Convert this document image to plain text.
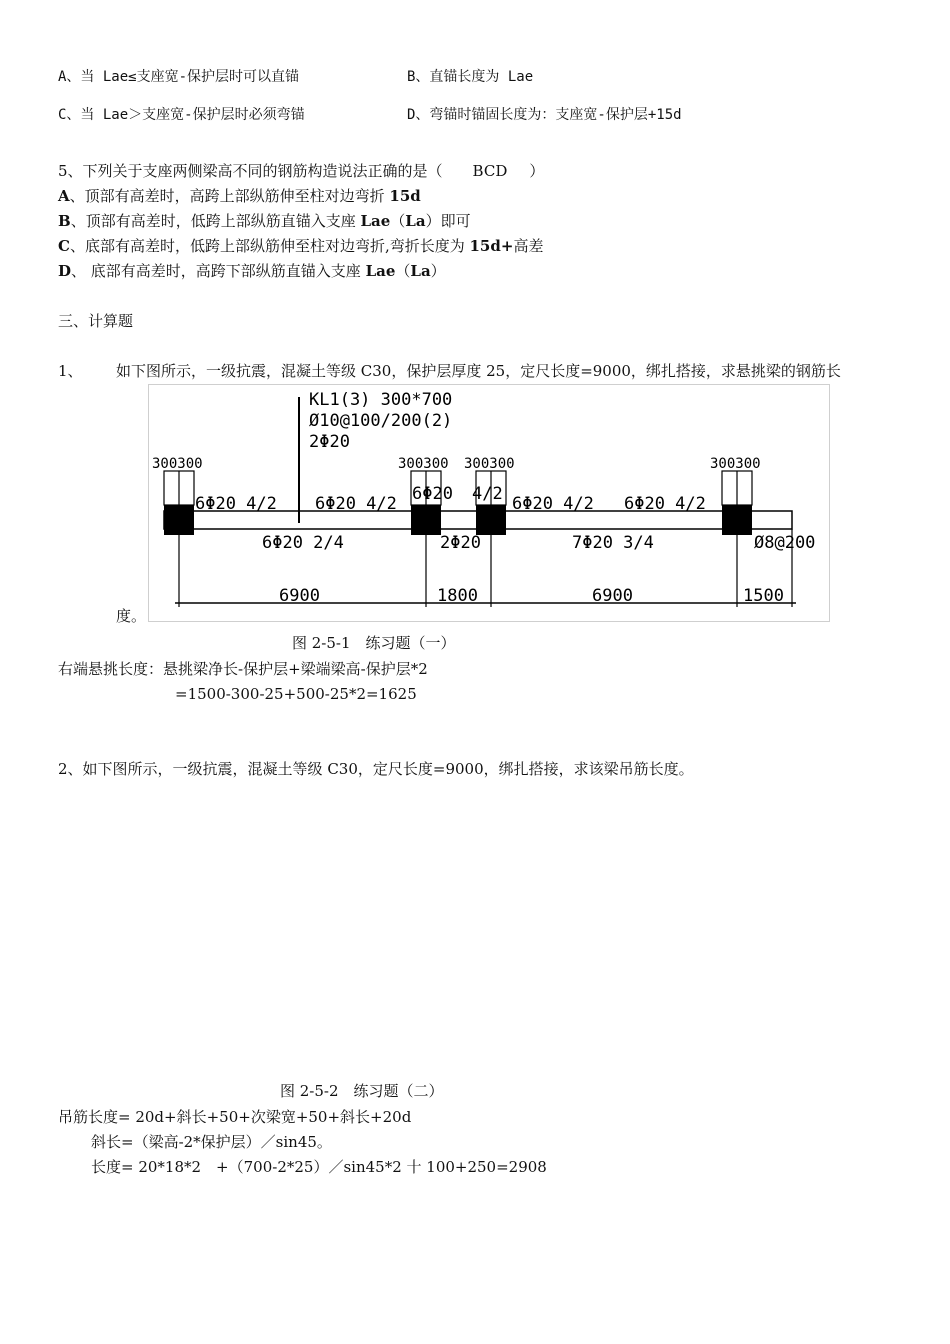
A、当 Lae≤支座宽-保护层时可以直锚	B、直锚长度为 Lae
C、当 Lae＞支座宽-保护层时必须弯锚	D、弯锚时锚固长度为：支座宽-保护层+15d
5、下列关于支座两侧梁高不同的钢筋构造说法正确的是（ BCD ）
A、顶部有高差时，高跨上部纵筋伸至柱对边弯折 15d
B、顶部有高差时，低跨上部纵筋直锚入支座 Lae（La）即可
C、底部有高差时，低跨上部纵筋伸至柱对边弯折,弯折长度为 15d+高差
D、 底部有高差时，高跨下部纵筋直锚入支座 Lae（La）
三、计算题
1、 如下图所示，一级抗震，混凝土等级 C30，保护层厚度 25，定尺长度=9000，绑扎搭接，求悬挑梁的钢筋长
KL1(3) 300*700
Ø10@100/200(2)
2Φ20
300300	300300 300300	300300
6Φ20 4/2 6Φ20 4/2 6Φ20 4/2 6Φ20 4/2 6Φ20 4/2
6Φ20 2/4	2Φ20	7Φ20 3/4	Ø8@200
6900	1800	6900	1500
度。
图 2-5-1　练习题（一）
右端悬挑长度：悬挑梁净长-保护层+梁端梁高-保护层*2
=1500-300-25+500-25*2=1625
2、如下图所示，一级抗震，混凝土等级 C30，定尺长度=9000，绑扎搭接，求该梁吊筋长度。
图 2-5-2　练习题（二）
吊筋长度= 20d+斜长+50+次梁宽+50+斜长+20d
斜长=（梁高-2*保护层）／sin45。
长度= 20*18*2　+（700-2*25）／sin45*2 十 100+250=2908
